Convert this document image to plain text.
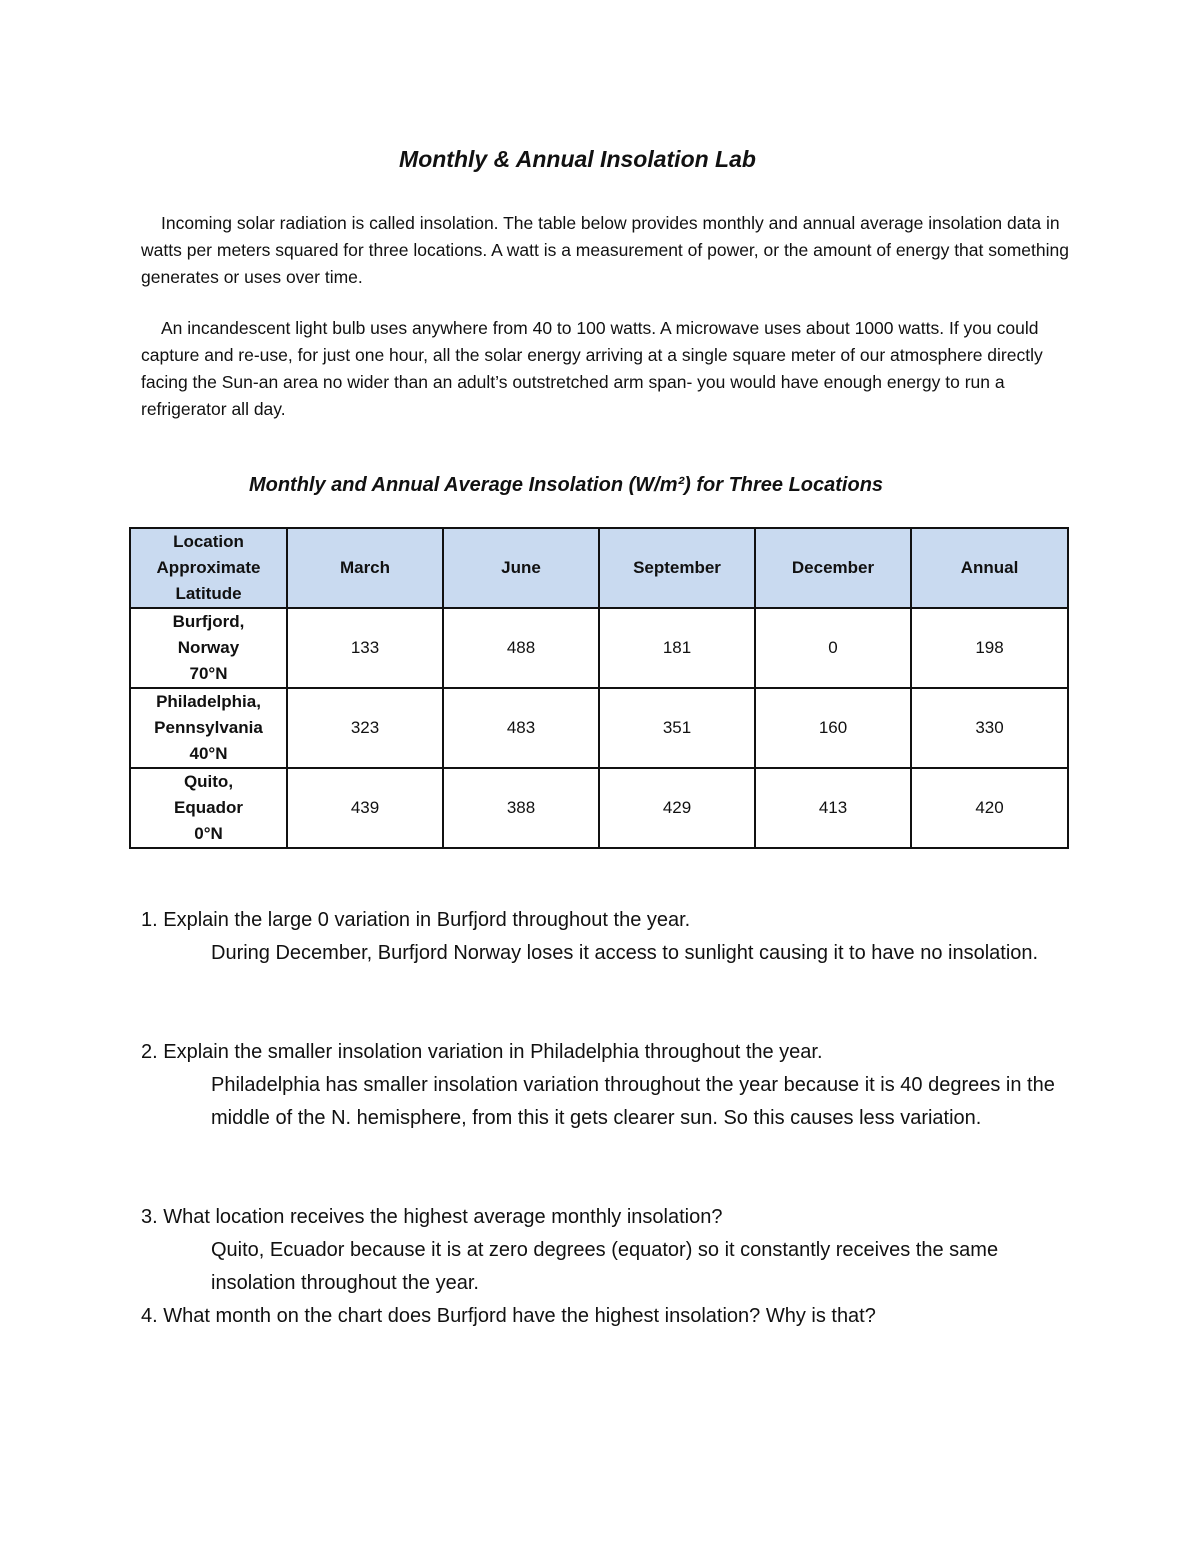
Monthly & Annual Insolation Lab

Incoming solar radiation is called insolation. The table below provides monthly and annual average insolation data in watts per meters squared for three locations. A watt is a measurement of power, or the amount of energy that something generates or uses over time.

An incandescent light bulb uses anywhere from 40 to 100 watts. A microwave uses about 1000 watts. If you could capture and re-use, for just one hour, all the solar energy arriving at a single square meter of our atmosphere directly facing the Sun-an area no wider than an adult’s outstretched arm span- you would have enough energy to run a refrigerator all day.

Monthly and Annual Average Insolation (W/m²) for Three Locations
Location
Approximate
Latitude	March	June	September	December	Annual

Burfjord,
Norway
70°N	133	488	181	0	198

Philadelphia,
Pennsylvania
40°N	323	483	351	160	330

Quito,
Equador
0°N	439	388	429	413	420

1. Explain the large 0 variation in Burfjord throughout the year.

During December, Burfjord Norway loses it access to sunlight causing it to have no insolation.

2. Explain the smaller insolation variation in Philadelphia throughout the year.

Philadelphia has smaller insolation variation throughout the year because it is 40 degrees in the middle of the N. hemisphere, from this it gets clearer sun. So this causes less variation.

3. What location receives the highest average monthly insolation?

Quito, Ecuador because it is at zero degrees (equator) so it constantly receives the same insolation throughout the year.

4. What month on the chart does Burfjord have the highest insolation? Why is that?
